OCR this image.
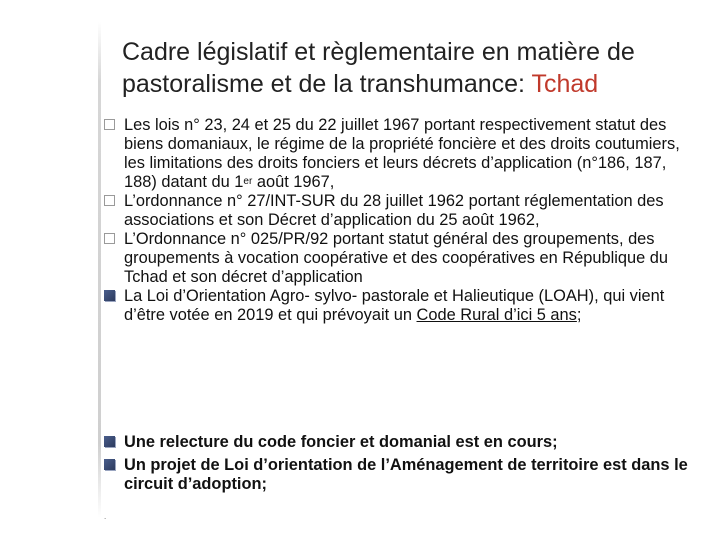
Cadre législatif et règlementaire en matière de pastoralisme et de la transhumance: Tchad
Les lois n° 23, 24 et 25 du 22 juillet 1967 portant respectivement statut des biens domaniaux, le régime de la propriété foncière et des droits coutumiers, les limitations des droits fonciers et leurs décrets d’application (n°186, 187, 188) datant du 1er août 1967,
L’ordonnance n° 27/INT-SUR du 28 juillet 1962 portant réglementation des associations et son Décret d’application du 25 août 1962,
L’Ordonnance n° 025/PR/92 portant statut général des groupements, des groupements à vocation coopérative et des coopératives en République du Tchad et son décret d’application
La Loi d’Orientation Agro- sylvo- pastorale et Halieutique (LOAH), qui vient d’être votée en 2019 et qui prévoyait un Code Rural d’ici 5 ans;
Une relecture du code foncier et domanial est en cours;
Un projet de Loi d’orientation de l’Aménagement de territoire est dans le circuit d’adoption;
.
